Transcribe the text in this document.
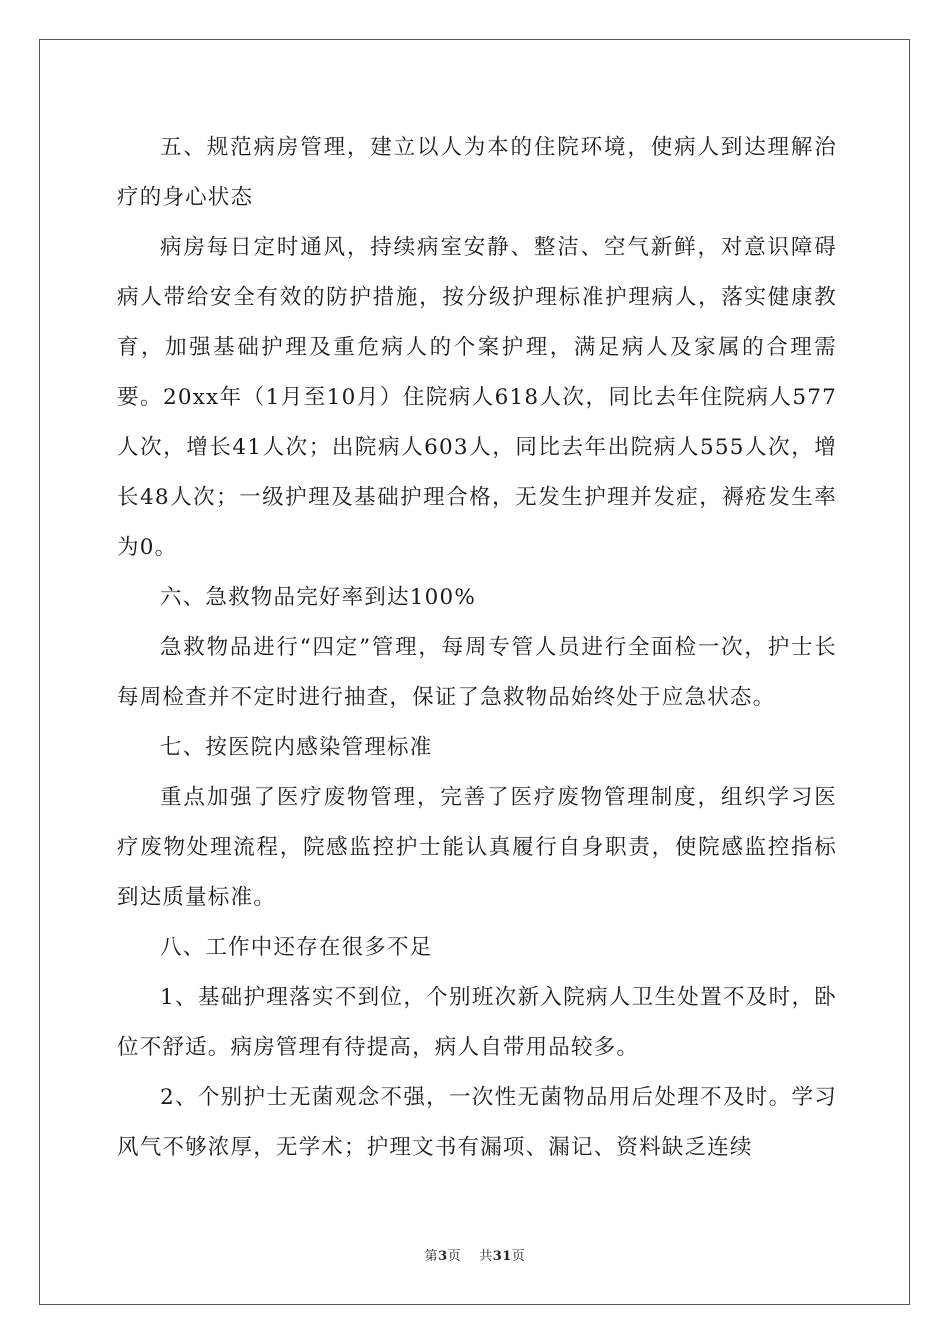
五、规范病房管理，建立以人为本的住院环境，使病人到达理解治疗的身心状态

病房每日定时通风，持续病室安静、整洁、空气新鲜，对意识障碍病人带给安全有效的防护措施，按分级护理标准护理病人，落实健康教育，加强基础护理及重危病人的个案护理，满足病人及家属的合理需要。20xx年（1月至10月）住院病人618人次，同比去年住院病人577人次，增长41人次；出院病人603人，同比去年出院病人555人次，增长48人次；一级护理及基础护理合格，无发生护理并发症，褥疮发生率为0。

六、急救物品完好率到达100%

急救物品进行“四定”管理，每周专管人员进行全面检一次，护士长每周检查并不定时进行抽查，保证了急救物品始终处于应急状态。

七、按医院内感染管理标准

重点加强了医疗废物管理，完善了医疗废物管理制度，组织学习医疗废物处理流程，院感监控护士能认真履行自身职责，使院感监控指标到达质量标准。

八、工作中还存在很多不足

1、基础护理落实不到位，个别班次新入院病人卫生处置不及时，卧位不舒适。病房管理有待提高，病人自带用品较多。

2、个别护士无菌观念不强，一次性无菌物品用后处理不及时。学习风气不够浓厚，无学术；护理文书有漏项、漏记、资料缺乏连续

第3页 共31页
